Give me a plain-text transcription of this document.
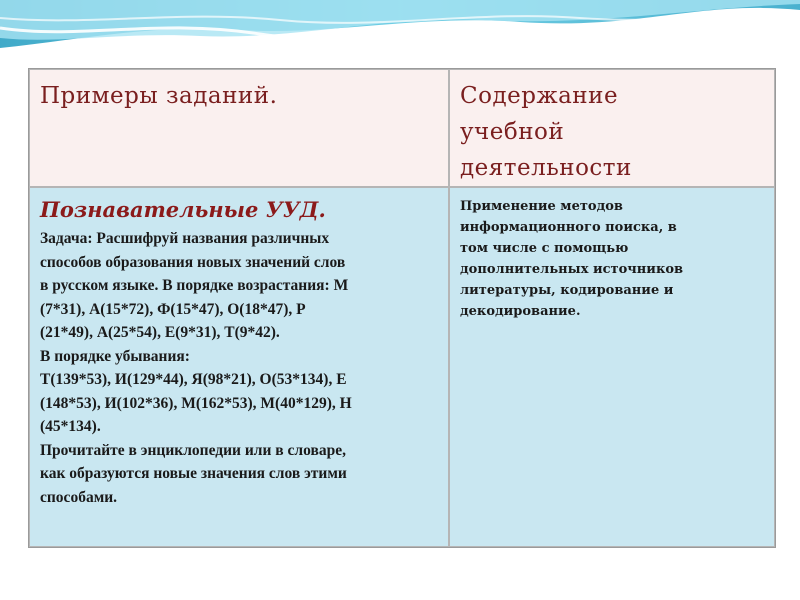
Примеры заданий.	Содержание
учебной
деятельности

Познавательные УУД.

Задача: Расшифруй названия различных
способов образования новых значений слов
в русском языке. В порядке возрастания: М
(7*31), А(15*72), Ф(15*47), О(18*47), Р
(21*49), А(25*54), Е(9*31), Т(9*42).
В порядке убывания:
Т(139*53), И(129*44), Я(98*21), О(53*134), Е
(148*53), И(102*36), М(162*53), М(40*129), Н
(45*134).
Прочитайте в энциклопедии или в словаре,
как образуются новые значения слов этими
способами.

Применение методов
информационного поиска, в
том числе с помощью
дополнительных источников
литературы, кодирование и
декодирование.
